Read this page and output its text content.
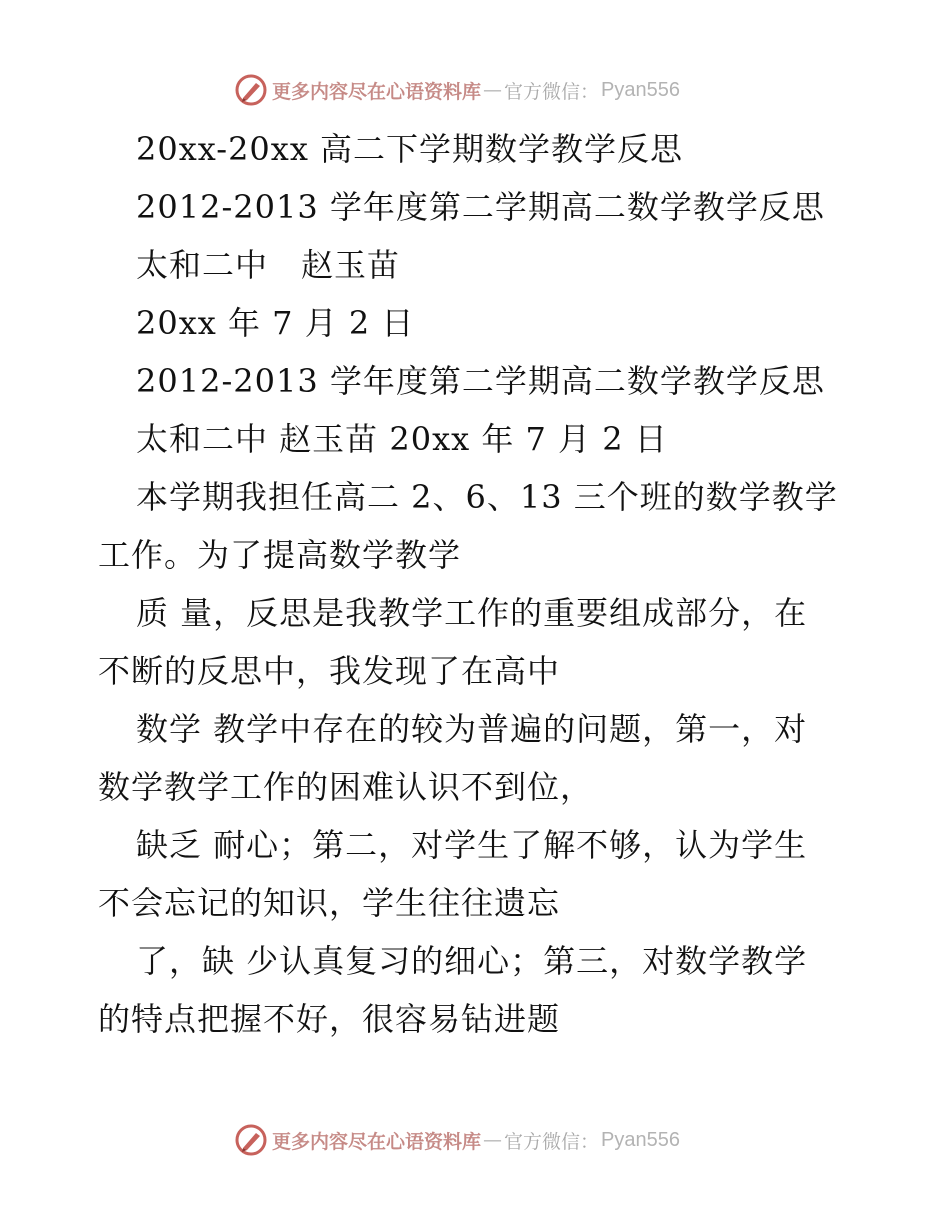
更多内容尽在心语资料库 — 官方微信： Pyan556
20xx-20xx 高二下学期数学教学反思
2012-2013 学年度第二学期高二数学教学反思
太和二中　赵玉苗
20xx 年 7 月 2 日
2012-2013 学年度第二学期高二数学教学反思
太和二中 赵玉苗 20xx 年 7 月 2 日
本学期我担任高二 2、6、13 三个班的数学教学
工作。为了提高数学教学
质 量，反思是我教学工作的重要组成部分，在
不断的反思中，我发现了在高中
数学 教学中存在的较为普遍的问题，第一，对
数学教学工作的困难认识不到位，
缺乏 耐心；第二，对学生了解不够，认为学生
不会忘记的知识，学生往往遗忘
了，缺 少认真复习的细心；第三，对数学教学
的特点把握不好，很容易钻进题
更多内容尽在心语资料库 — 官方微信： Pyan556
